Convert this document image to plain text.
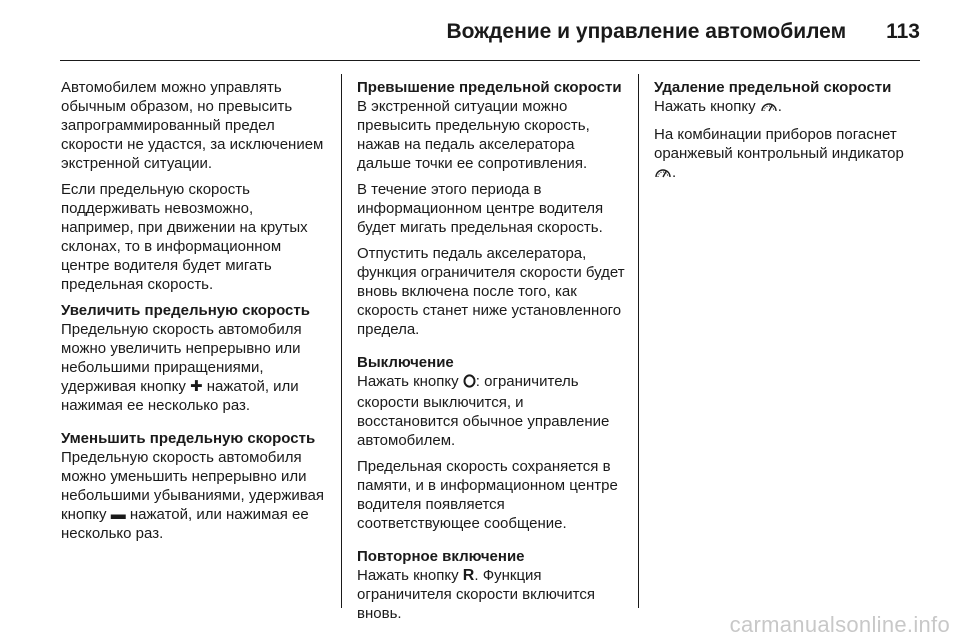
Вождение и управление автомобилем 113

Автомобилем можно управлять обычным образом, но превысить запрограммированный предел скорости не удастся, за исключением экстренной ситуации.

Если предельную скорость поддерживать невозможно, например, при движении на крутых склонах, то в информационном центре водителя будет мигать предельная скорость.

Увеличить предельную скорость

Предельную скорость автомобиля можно увеличить непрерывно или небольшими приращениями, удерживая кнопку ✚ нажатой, или нажимая ее несколько раз.

Уменьшить предельную скорость

Предельную скорость автомобиля можно уменьшить непрерывно или небольшими убываниями, удерживая кнопку ▬ нажатой, или нажимая ее несколько раз.

Превышение предельной скорости

В экстренной ситуации можно превысить предельную скорость, нажав на педаль акселератора дальше точки ее сопротивления.

В течение этого периода в информационном центре водителя будет мигать предельная скорость.

Отпустить педаль акселератора, функция ограничителя скорости будет вновь включена после того, как скорость станет ниже установленного предела.

Выключение

Нажать кнопку : ограничитель скорости выключится, и восстановится обычное управление автомобилем.

Предельная скорость сохраняется в памяти, и в информационном центре водителя появляется соответствующее сообщение.

Повторное включение

Нажать кнопку R. Функция ограничителя скорости включится вновь.

Удаление предельной скорости

Нажать кнопку .

На комбинации приборов погаснет оранжевый контрольный индикатор .

carmanualsonline.info
